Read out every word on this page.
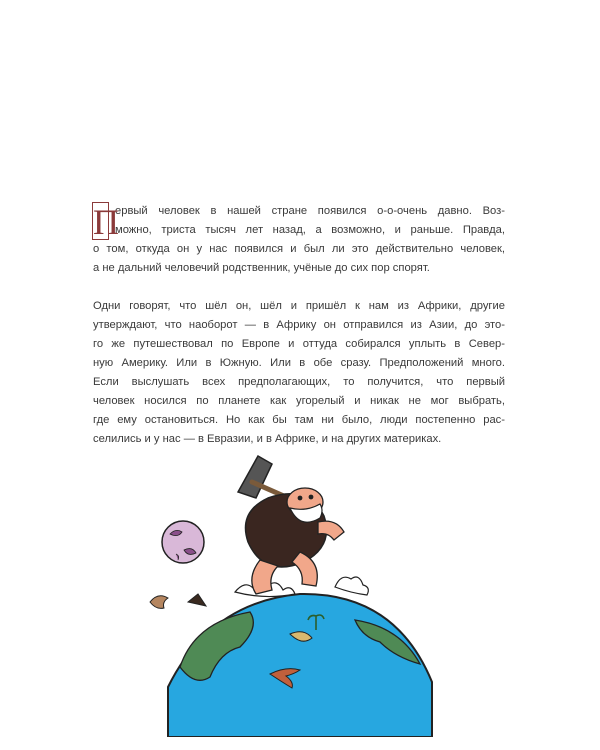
П
ервый человек в нашей стране появился о-о-очень давно. Воз-
можно, триста тысяч лет назад, а возможно, и раньше. Правда,
о том, откуда он у нас появился и был ли это действительно человек,
а не дальний человечий родственник, учёные до сих пор спорят.
Одни говорят, что шёл он, шёл и пришёл к нам из Африки, другие
утверждают, что наоборот — в Африку он отправился из Азии, до это-
го же путешествовал по Европе и оттуда собирался уплыть в Север-
ную Америку. Или в Южную. Или в обе сразу. Предположений много.
Если выслушать всех предполагающих, то получится, что первый
человек носился по планете как угорелый и никак не мог выбрать,
где ему остановиться. Но как бы там ни было, люди постепенно рас-
селились и у нас — в Евразии, и в Африке, и на других материках.
